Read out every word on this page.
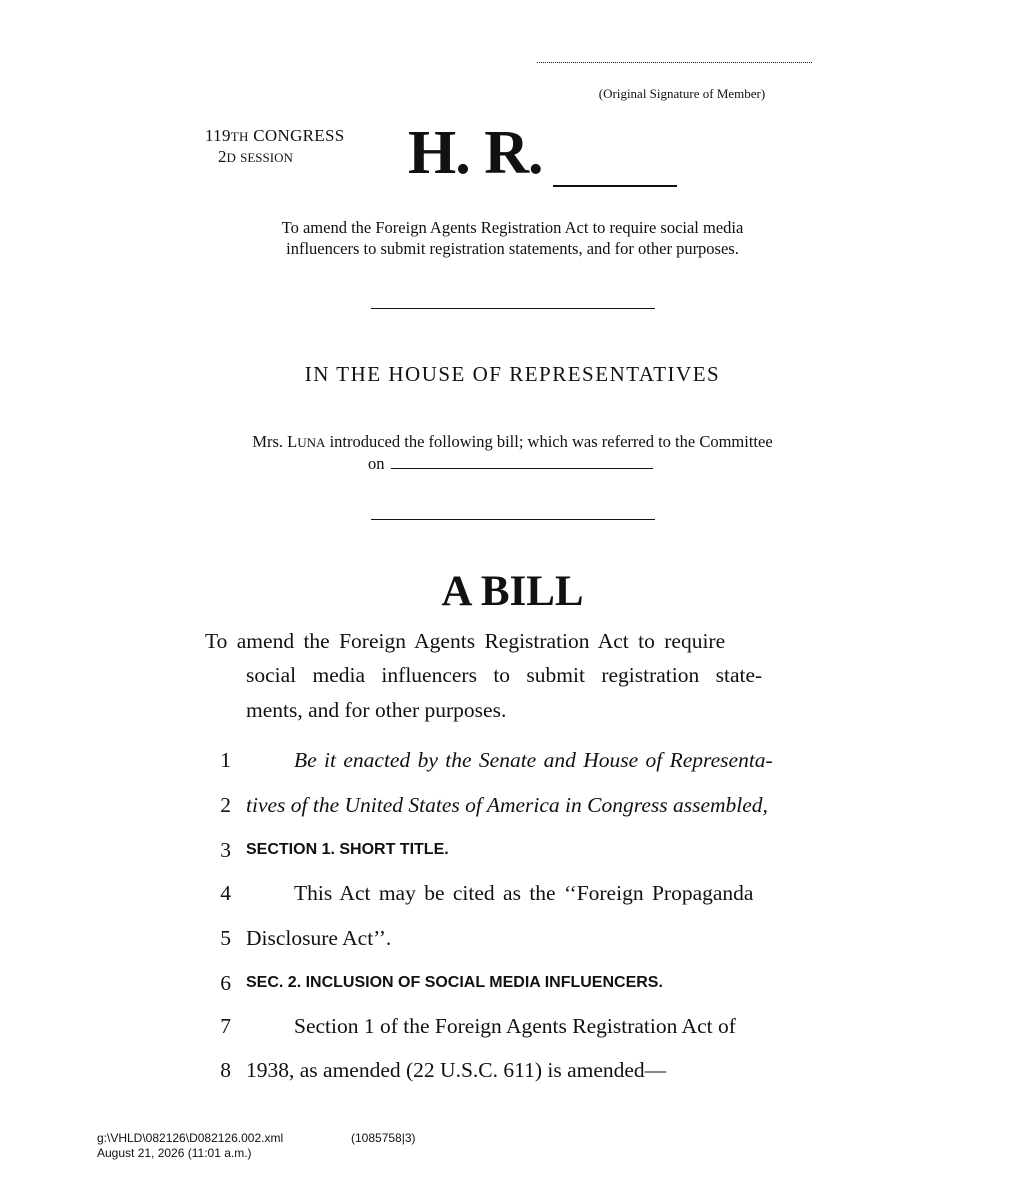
(Original Signature of Member)
119TH CONGRESS
2D SESSION H. R.
To amend the Foreign Agents Registration Act to require social media
influencers to submit registration statements, and for other purposes.
IN THE HOUSE OF REPRESENTATIVES
Mrs. LUNA introduced the following bill; which was referred to the Committee
on
A BILL
To amend the Foreign Agents Registration Act to require
social media influencers to submit registration state-
ments, and for other purposes.
1	Be it enacted by the Senate and House of Representa-
2 tives of the United States of America in Congress assembled,
3 SECTION 1. SHORT TITLE.
4	This Act may be cited as the ‘‘Foreign Propaganda
5 Disclosure Act’’.
6 SEC. 2. INCLUSION OF SOCIAL MEDIA INFLUENCERS.
7	Section 1 of the Foreign Agents Registration Act of
8 1938, as amended (22 U.S.C. 611) is amended—
g:\VHLD\082126\D082126.002.xml	(1085758|3)
August 21, 2026 (11:01 a.m.)
